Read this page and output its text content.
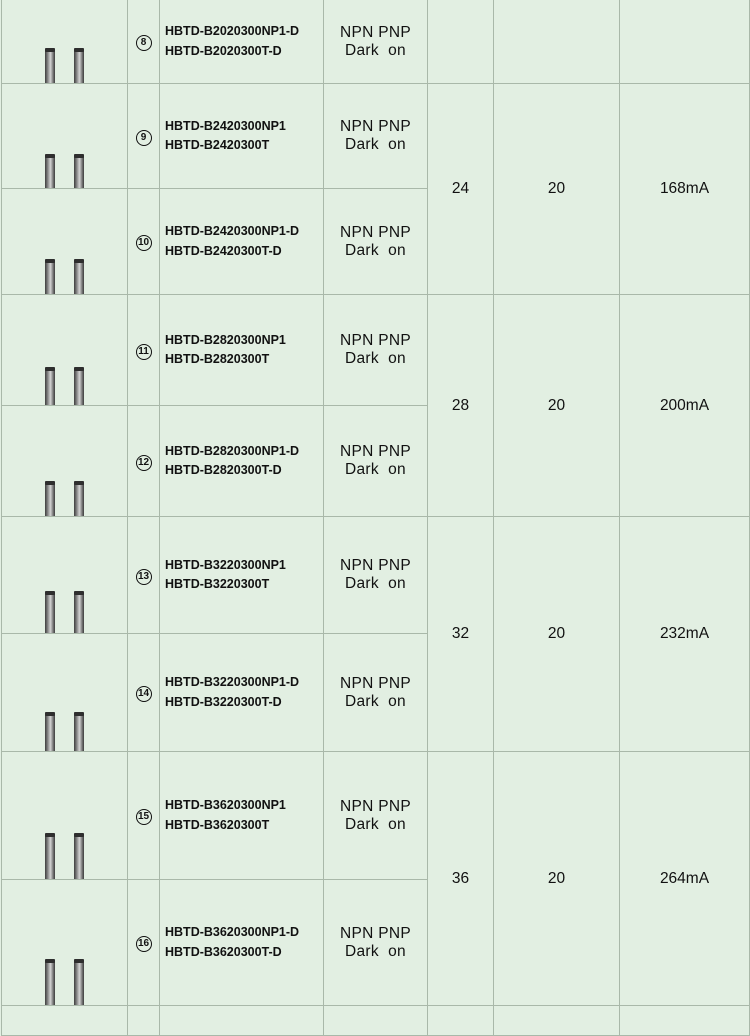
	8	HBTD-B2020300NP1-D
HBTD-B2020300T-D	NPN PNP
Dark  on			

	9	HBTD-B2420300NP1
HBTD-B2420300T	NPN PNP
Dark  on	24	20	168mA

	10	HBTD-B2420300NP1-D
HBTD-B2420300T-D	NPN PNP
Dark  on			

	11	HBTD-B2820300NP1
HBTD-B2820300T	NPN PNP
Dark  on	28	20	200mA

	12	HBTD-B2820300NP1-D
HBTD-B2820300T-D	NPN PNP
Dark  on			

	13	HBTD-B3220300NP1
HBTD-B3220300T	NPN PNP
Dark  on	32	20	232mA

	14	HBTD-B3220300NP1-D
HBTD-B3220300T-D	NPN PNP
Dark  on			

	15	HBTD-B3620300NP1
HBTD-B3620300T	NPN PNP
Dark  on	36	20	264mA

	16	HBTD-B3620300NP1-D
HBTD-B3620300T-D	NPN PNP
Dark  on			
